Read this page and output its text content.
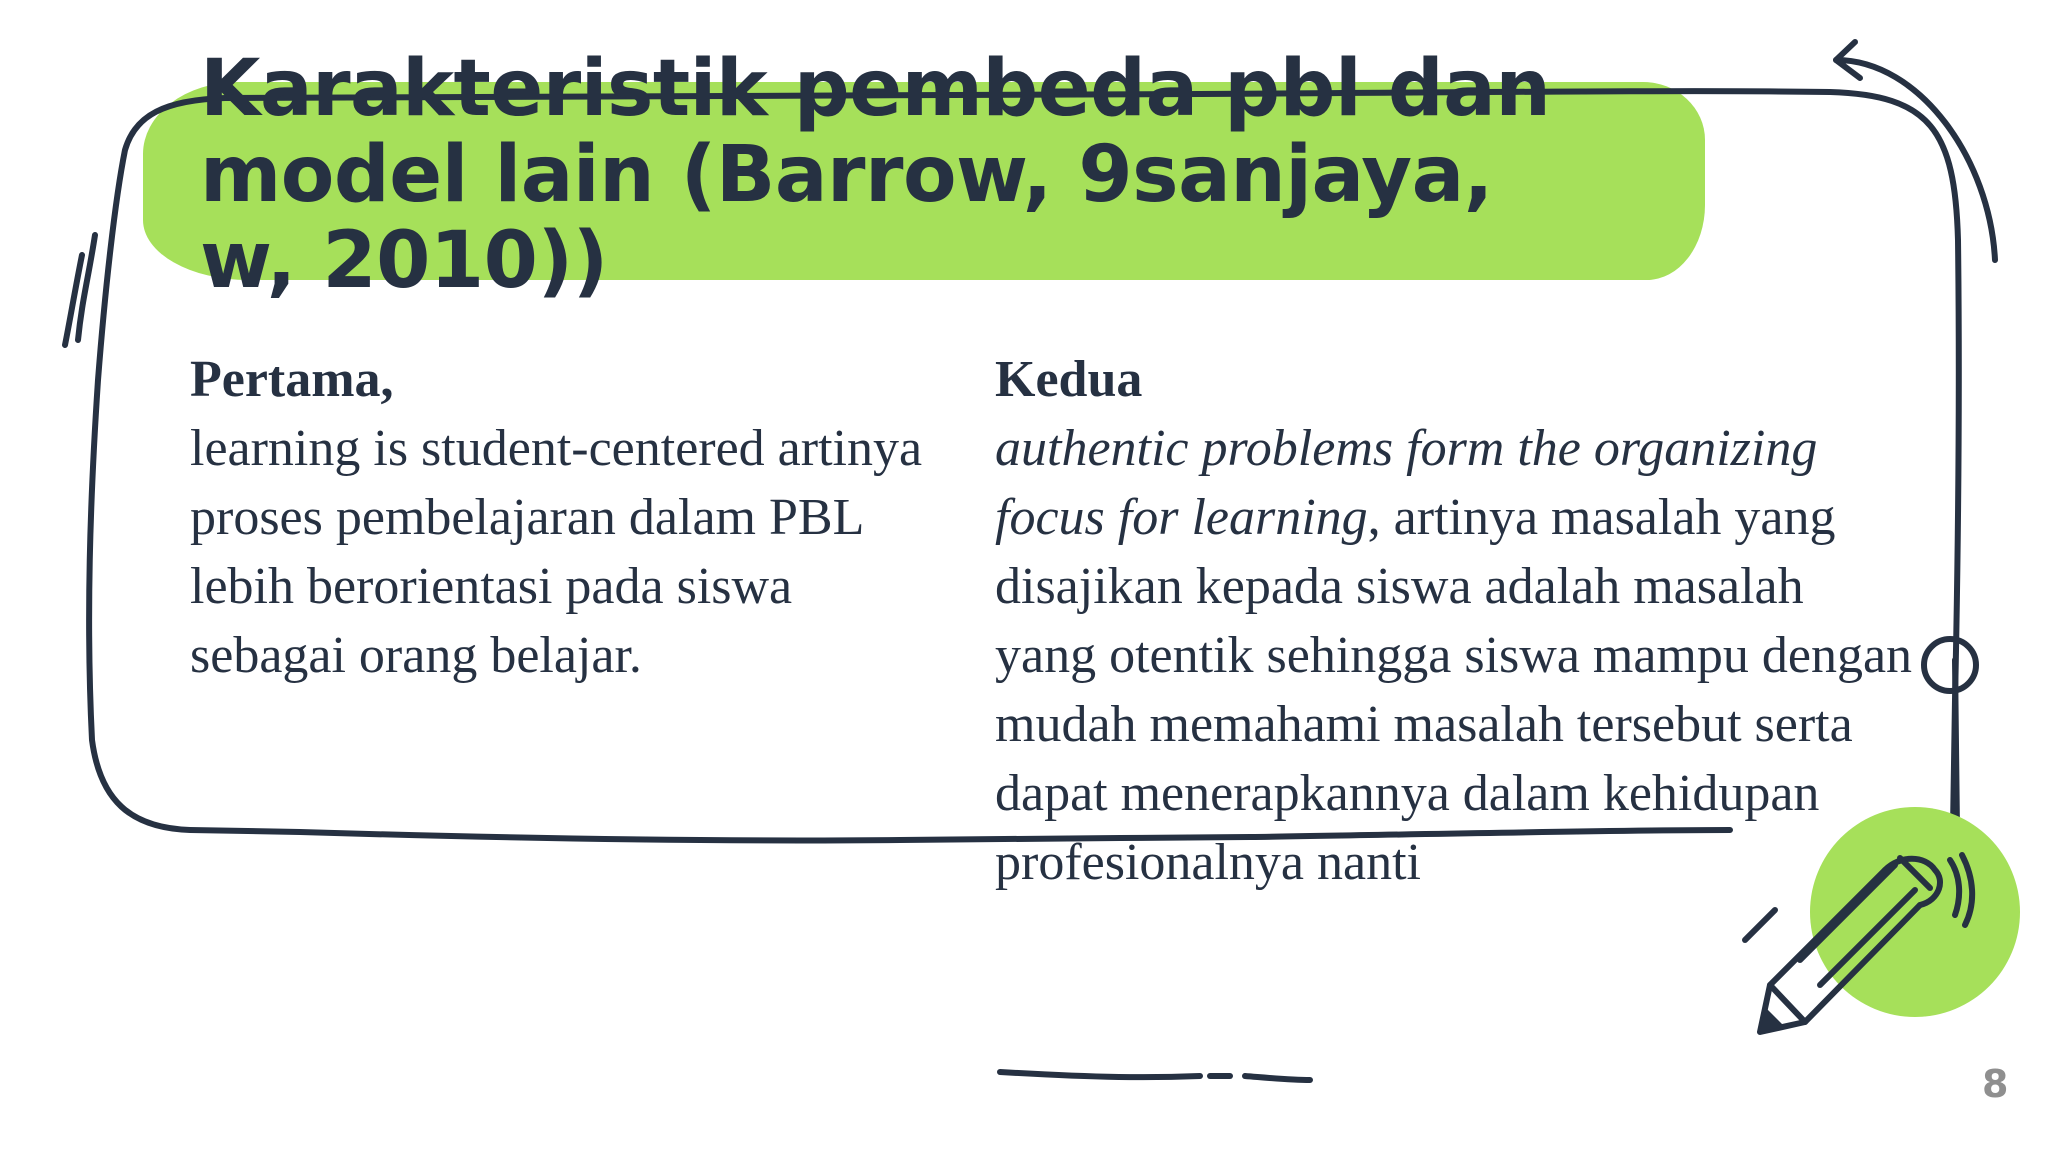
Karakteristik pembeda pbl dan model lain (Barrow, 9sanjaya, w, 2010))
Pertama,
learning is student-centered artinya proses pembelajaran dalam PBL lebih berorientasi pada siswa sebagai orang belajar.
Kedua
authentic problems form the organizing focus for learning, artinya masalah yang disajikan kepada siswa adalah masalah yang otentik sehingga siswa mampu dengan mudah memahami masalah tersebut serta dapat menerapkannya dalam kehidupan profesionalnya nanti
8
